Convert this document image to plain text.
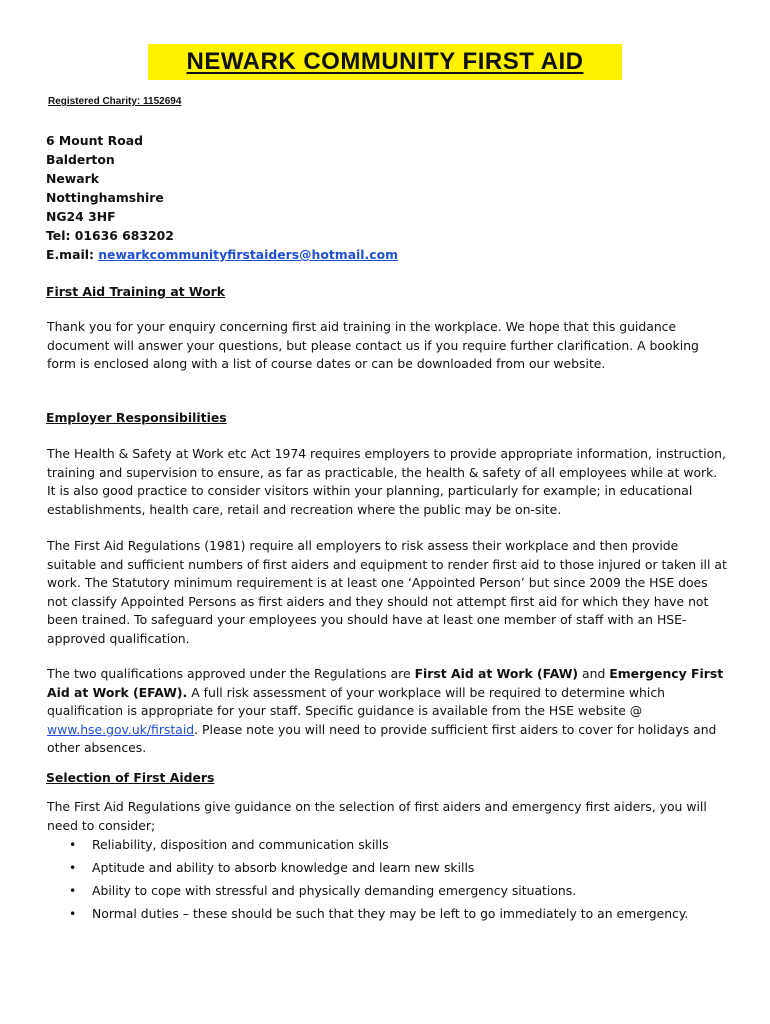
NEWARK COMMUNITY FIRST AID
Registered Charity: 1152694
6 Mount Road
Balderton
Newark
Nottinghamshire
NG24 3HF
Tel: 01636 683202
E.mail: newarkcommunityfirstaiders@hotmail.com
First Aid Training at Work

Thank you for your enquiry concerning first aid training in the workplace. We hope that this guidance document will answer your questions, but please contact us if you require further clarification. A booking form is enclosed along with a list of course dates or can be downloaded from our website.

Employer Responsibilities

The Health & Safety at Work etc Act 1974 requires employers to provide appropriate information, instruction, training and supervision to ensure, as far as practicable, the health & safety of all employees while at work. It is also good practice to consider visitors within your planning, particularly for example; in educational establishments, health care, retail and recreation where the public may be on-site.

The First Aid Regulations (1981) require all employers to risk assess their workplace and then provide suitable and sufficient numbers of first aiders and equipment to render first aid to those injured or taken ill at work. The Statutory minimum requirement is at least one ‘Appointed Person’ but since 2009 the HSE does not classify Appointed Persons as first aiders and they should not attempt first aid for which they have not been trained. To safeguard your employees you should have at least one member of staff with an HSE- approved qualification.

The two qualifications approved under the Regulations are First Aid at Work (FAW) and Emergency First Aid at Work (EFAW). A full risk assessment of your workplace will be required to determine which qualification is appropriate for your staff. Specific guidance is available from the HSE website @ www.hse.gov.uk/firstaid. Please note you will need to provide sufficient first aiders to cover for holidays and other absences.

Selection of First Aiders

The First Aid Regulations give guidance on the selection of first aiders and emergency first aiders, you will need to consider;

• Reliability, disposition and communication skills
• Aptitude and ability to absorb knowledge and learn new skills
• Ability to cope with stressful and physically demanding emergency situations.
• Normal duties – these should be such that they may be left to go immediately to an emergency.
